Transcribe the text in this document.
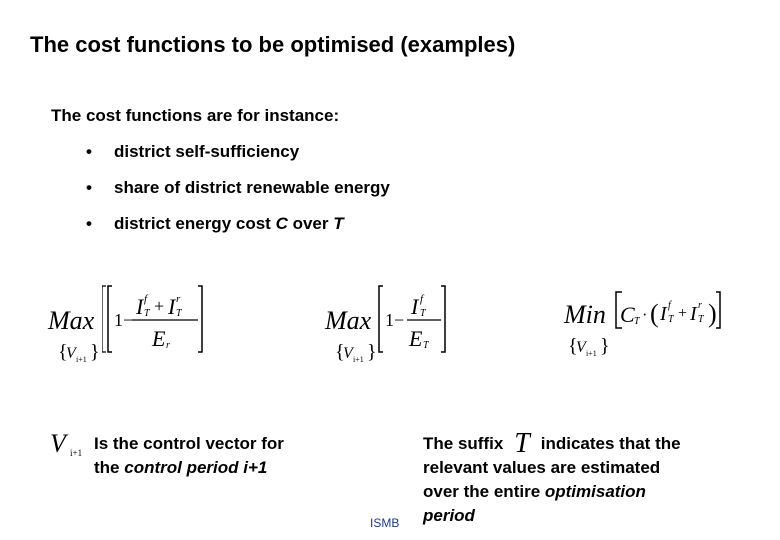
The cost functions to be optimised (examples)
The cost functions are for instance:
• district self-sufficiency
• share of district renewable energy
• district energy cost C over T
Max 1−
I f
T + I r
T
E r
{
V i+1 }
Max 1−
I f
T
E T
{
V i+1 }
Min C T · ( I f
T + I r
T )
{
V i+1 }
V i+1 Is the control vector for
the control period i+1
The suffix T indicates that the
relevant values are estimated
over the entire optimisation
period
ISMB
